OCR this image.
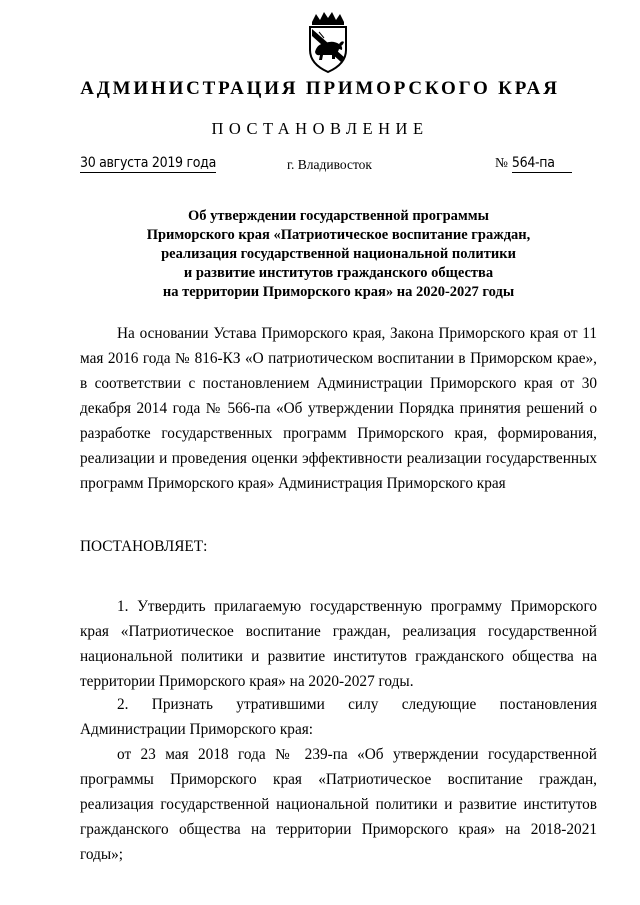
АДМИНИСТРАЦИЯ ПРИМОРСКОГО КРАЯ
ПОСТАНОВЛЕНИЕ
30 августа 2019 года	г. Владивосток	№ 564-па
Об утверждении государственной программы
Приморского края «Патриотическое воспитание граждан,
реализация государственной национальной политики
и развитие институтов гражданского общества
на территории Приморского края» на 2020-2027 годы

На основании Устава Приморского края, Закона Приморского края от 11 мая 2016 года № 816-КЗ «О патриотическом воспитании в Приморском крае», в соответствии с постановлением Администрации Приморского края от 30 декабря 2014 года № 566-па «Об утверждении Порядка принятия решений о разработке государственных программ Приморского края, формирования, реализации и проведения оценки эффективности реализации государственных программ Приморского края» Администрация Приморского края

ПОСТАНОВЛЯЕТ:

1. Утвердить прилагаемую государственную программу Приморского края «Патриотическое воспитание граждан, реализация государственной национальной политики и развитие институтов гражданского общества на территории Приморского края» на 2020-2027 годы.

2. Признать утратившими силу следующие постановления

Администрации Приморского края:

от 23 мая 2018 года № 239-па «Об утверждении государственной программы Приморского края «Патриотическое воспитание граждан, реализация государственной национальной политики и развитие институтов гражданского общества на территории Приморского края» на 2018-2021 годы»;
